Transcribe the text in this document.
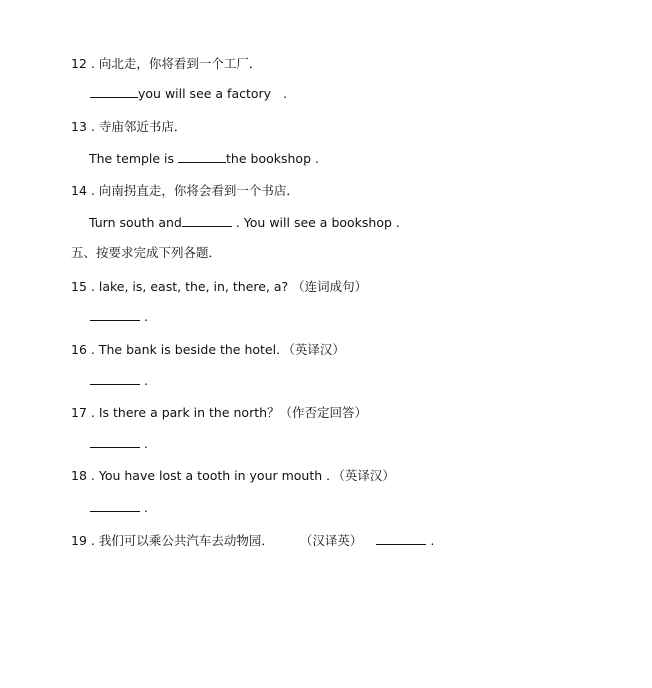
12 . 向北走，你将看到一个工厂．
you will see a factory .
13 . 寺庙邻近书店．
The temple is	the bookshop .
14 . 向南拐直走，你将会看到一个书店．
Turn south and	. You will see a bookshop .
五、按要求完成下列各题．
15 . lake, is, east, the, in, there, a? （连词成句）
.
16 . The bank is beside the hotel．（英译汉）
.
17 . Is there a park in the north？（作否定回答）
.
18 . You have lost a tooth in your mouth ．（英译汉）
.
19 . 我们可以乘公共汽车去动物园． （汉译英）	.
